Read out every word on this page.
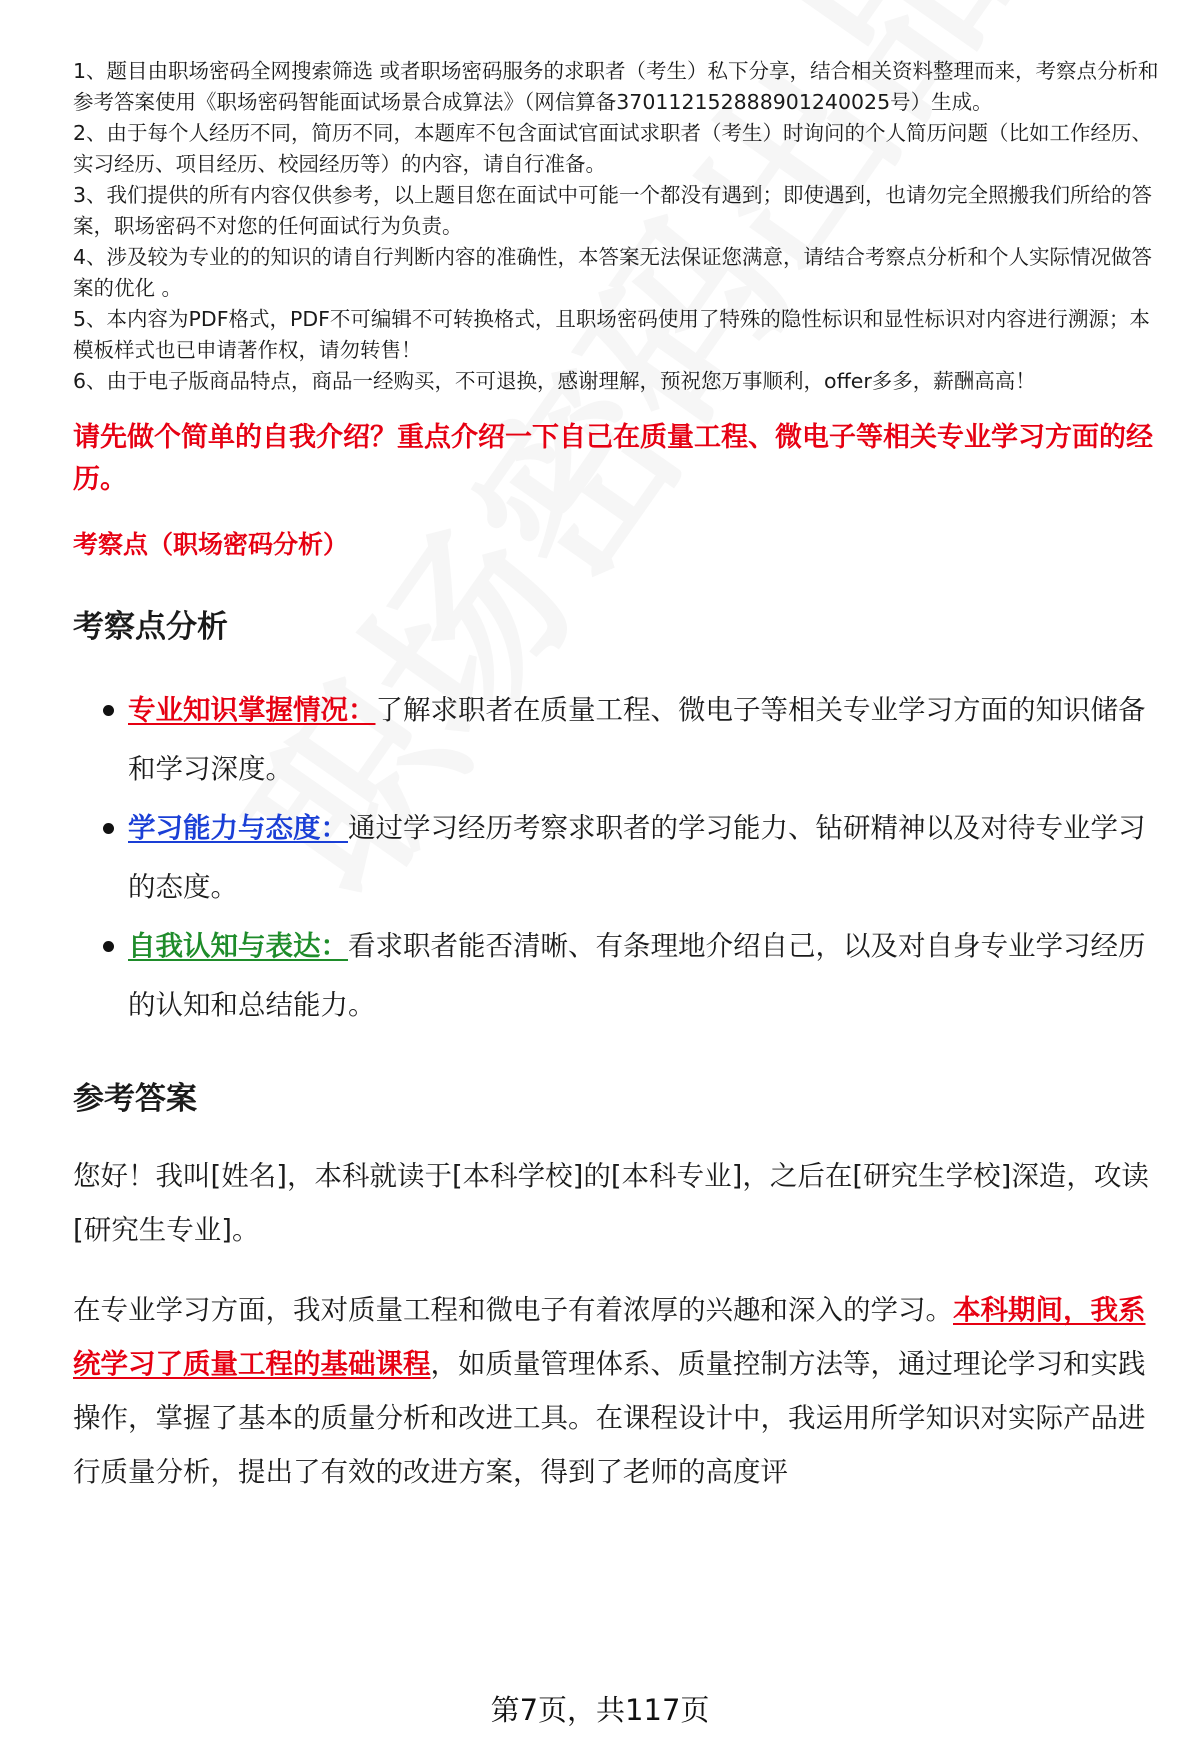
1、题目由职场密码全网搜索筛选 或者职场密码服务的求职者（考生）私下分享，结合相关资料整理而来，考察点分析和参考答案使用《职场密码智能面试场景合成算法》（网信算备370112152888901240025号）生成。

2、由于每个人经历不同，简历不同，本题库不包含面试官面试求职者（考生）时询问的个人简历问题（比如工作经历、实习经历、项目经历、校园经历等）的内容，请自行准备。

3、我们提供的所有内容仅供参考，以上题目您在面试中可能一个都没有遇到；即使遇到，也请勿完全照搬我们所给的答案，职场密码不对您的任何面试行为负责。

4、涉及较为专业的的知识的请自行判断内容的准确性，本答案无法保证您满意，请结合考察点分析和个人实际情况做答案的优化 。

5、本内容为PDF格式，PDF不可编辑不可转换格式，且职场密码使用了特殊的隐性标识和显性标识对内容进行溯源；本模板样式也已申请著作权，请勿转售！

6、由于电子版商品特点，商品一经购买，不可退换，感谢理解，预祝您万事顺利，offer多多，薪酬高高！

请先做个简单的自我介绍？重点介绍一下自己在质量工程、微电子等相关专业学习方面的经历。
考察点（职场密码分析）
考察点分析
专业知识掌握情况：了解求职者在质量工程、微电子等相关专业学习方面的知识储备和学习深度。
学习能力与态度：通过学习经历考察求职者的学习能力、钻研精神以及对待专业学习的态度。
自我认知与表达：看求职者能否清晰、有条理地介绍自己，以及对自身专业学习经历的认知和总结能力。
参考答案

您好！我叫[姓名]，本科就读于[本科学校]的[本科专业]，之后在[研究生学校]深造，攻读[研究生专业]。

在专业学习方面，我对质量工程和微电子有着浓厚的兴趣和深入的学习。本科期间，我系统学习了质量工程的基础课程，如质量管理体系、质量控制方法等，通过理论学习和实践操作，掌握了基本的质量分析和改进工具。在课程设计中，我运用所学知识对实际产品进行质量分析，提出了有效的改进方案，得到了老师的高度评

第7页，共117页
